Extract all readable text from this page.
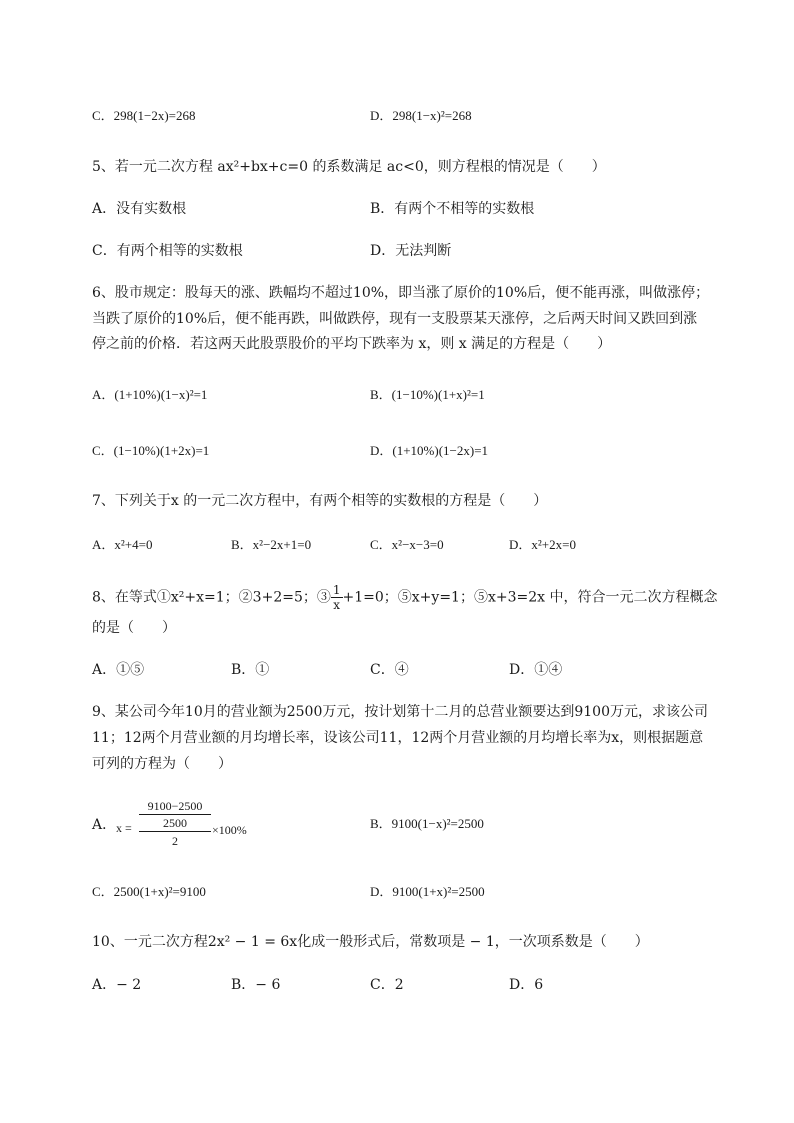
C．298(1−2x)=268	D．298(1−x)²=268
5、若一元二次方程 ax²+bx+c=0 的系数满足 ac<0，则方程根的情况是（　　）
A．没有实数根	B．有两个不相等的实数根
C．有两个相等的实数根	D．无法判断
6、股市规定：股每天的涨、跌幅均不超过10%，即当涨了原价的10%后，便不能再涨，叫做涨停；
当跌了原价的10%后，便不能再跌，叫做跌停，现有一支股票某天涨停，之后两天时间又跌回到涨
停之前的价格．若这两天此股票股价的平均下跌率为 x，则 x 满足的方程是（　　）
A．(1+10%)(1−x)²=1	B．(1−10%)(1+x)²=1
C．(1−10%)(1+2x)=1	D．(1+10%)(1−2x)=1
7、下列关于x 的一元二次方程中，有两个相等的实数根的方程是（　　）
A．x²+4=0	B．x²−2x+1=0	C．x²−x−3=0	D．x²+2x=0
8、在等式①x²+x=1；②3+2=5；③ $\frac{1}{x} +1=0$；⑤x+y=1；⑤x+3=2x 中，符合一元二次方程概念
的是（　　）
A．①⑤	B．①	C．④	D．①④
9、某公司今年10月的营业额为2500万元，按计划第十二月的总营业额要达到9100万元，求该公司
11；12两个月营业额的月均增长率，设该公司11，12两个月营业额的月均增长率为x，则根据题意
可列的方程为（　　）
A． x =
9100−2500
2500
2
×100%	B．9100(1−x)²=2500
C．2500(1+x)²=9100	D．9100(1+x)²=2500
10、一元二次方程2x² − 1 = 6x化成一般形式后，常数项是 − 1，一次项系数是（　　）
A．− 2	B．− 6	C．2	D．6
